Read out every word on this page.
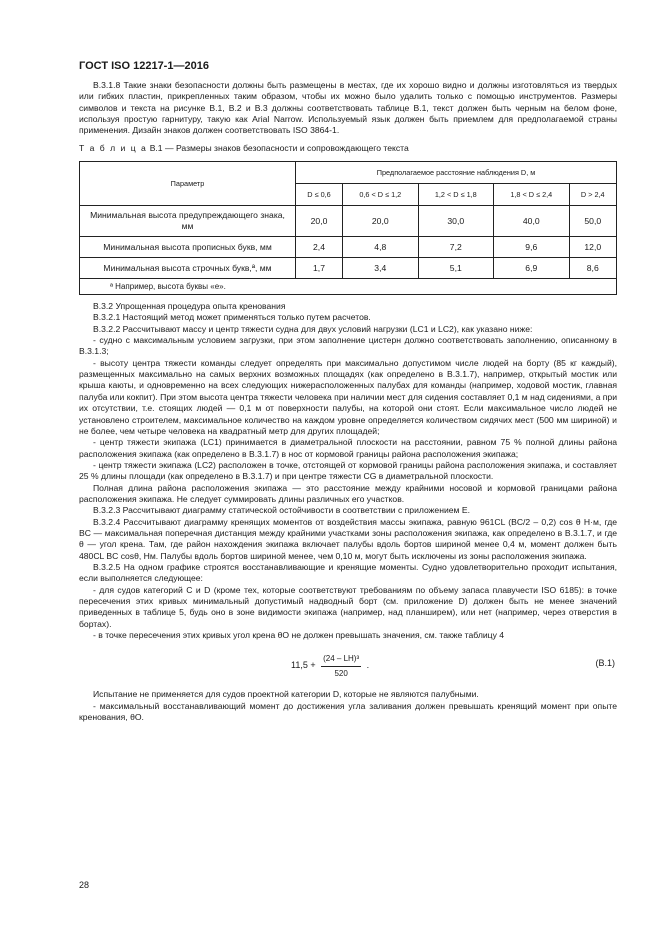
ГОСТ ISO 12217-1—2016

В.3.1.8 Такие знаки безопасности должны быть размещены в местах, где их хорошо видно и должны изготовляться из твердых или гибких пластин, прикрепленных таким образом, чтобы их можно было удалить только с помощью инструментов. Размеры символов и текста на рисунке В.1, В.2 и В.3 должны соответствовать таблице В.1, текст должен быть черным на белом фоне, используя простую гарнитуру, такую как Arial Narrow. Используемый язык должен быть приемлем для предполагаемой страны применения. Дизайн знаков должен соответствовать ISO 3864-1.

Т а б л и ц а В.1 — Размеры знаков безопасности и сопровождающего текста

Параметр	Предполагаемое расстояние наблюдения D, м				
	D ≤ 0,6	0,6 < D ≤ 1,2	1,2 < D ≤ 1,8	1,8 < D ≤ 2,4	D > 2,4
Минимальная высота предупреждающего знака, мм	20,0	20,0	30,0	40,0	50,0
Минимальная высота прописных букв, мм	2,4	4,8	7,2	9,6	12,0
Минимальная высота строчных букв,ª, мм	1,7	3,4	5,1	6,9	8,6
ª Например, высота буквы «е».					

В.3.2 Упрощенная процедура опыта кренования

В.3.2.1 Настоящий метод может применяться только путем расчетов.

В.3.2.2 Рассчитывают массу и центр тяжести судна для двух условий нагрузки (LC1 и LC2), как указано ниже:

- судно с максимальным условием загрузки, при этом заполнение цистерн должно соответствовать заполнению, описанному в В.3.1.3;

- высоту центра тяжести команды следует определять при максимально допустимом числе людей на борту (85 кг каждый), размещенных максимально на самых верхних возможных площадях (как определено в В.3.1.7), например, открытый мостик или крыша каюты, и одновременно на всех следующих нижерасположенных палубах для команды (например, ходовой мостик, главная палуба или кокпит). При этом высота центра тяжести человека при наличии мест для сидения составляет 0,1 м над сидениями, а при их отсутствии, т.е. стоящих людей — 0,1 м от поверхности палубы, на которой они стоят. Если максимальное число людей не установлено строителем, максимальное количество на каждом уровне определяется количеством сидячих мест (500 мм шириной) и не более, чем четыре человека на квадратный метр для других площадей;

- центр тяжести экипажа (LC1) принимается в диаметральной плоскости на расстоянии, равном 75 % полной длины района расположения экипажа (как определено в В.3.1.7) в нос от кормовой границы района расположения экипажа;

- центр тяжести экипажа (LC2) расположен в точке, отстоящей от кормовой границы района расположения экипажа, и составляет 25 % длины площади (как определено в В.3.1.7) и при центре тяжести CG в диаметральной плоскости.

Полная длина района расположения экипажа — это расстояние между крайними носовой и кормовой границами района расположения экипажа. Не следует суммировать длины различных его участков.

В.3.2.3 Рассчитывают диаграмму статической остойчивости в соответствии с приложением Е.

В.3.2.4 Рассчитывают диаграмму кренящих моментов от воздействия массы экипажа, равную 961CL (BC/2 – 0,2) cos θ Н·м, где BC — максимальная поперечная дистанция между крайними участками зоны расположения экипажа, как определено в В.3.1.7, и где θ — угол крена. Там, где район нахождения экипажа включает палубы вдоль бортов шириной менее 0,4 м, момент должен быть 480CL BC cosθ, Нм. Палубы вдоль бортов шириной менее, чем 0,10 м, могут быть исключены из зоны расположения экипажа.

В.3.2.5 На одном графике строятся восстанавливающие и кренящие моменты. Судно удовлетворительно проходит испытания, если выполняется следующее:

- для судов категорий С и D (кроме тех, которые соответствуют требованиям по объему запаса плавучести ISO 6185): в точке пересечения этих кривых минимальный допустимый надводный борт (см. приложение D) должен быть не менее значений приведенных в таблице 5, будь оно в зоне видимости экипажа (например, над планширем), или нет (например, через отверстия в бортах).

- в точке пересечения этих кривых угол крена θO не должен превышать значения, см. также таблицу 4

$11,5 + \frac{\text{(24 – LH)³}}{520}$ .	(В.1)

Испытание не применяется для судов проектной категории D, которые не являются палубными.

- максимальный восстанавливающий момент до достижения угла заливания должен превышать кренящий момент при опыте кренования, θO.

28
